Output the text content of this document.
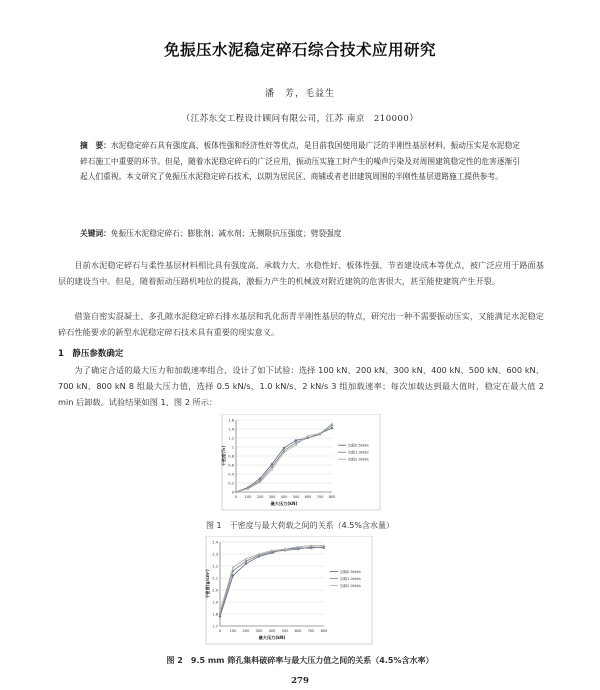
免振压水泥稳定碎石综合技术应用研究
潘　芳，毛益生
（江苏东交工程设计顾问有限公司，江苏 南京　210000）
摘　要：水泥稳定碎石具有强度高、板体性强和经济性好等优点，是目前我国使用最广泛的半刚性基层材料，振动压实是水泥稳定碎石施工中重要的环节。但是，随着水泥稳定碎石的广泛应用，振动压实施工时产生的噪声污染及对周围建筑稳定性的危害逐渐引起人们重视。本文研究了免振压水泥稳定碎石技术，以期为居民区、商铺或者老旧建筑周围的半刚性基层道路施工提供参考。
关键词：免振压水泥稳定碎石；膨胀剂；减水剂；无侧限抗压强度；劈裂强度
目前水泥稳定碎石与柔性基层材料相比具有强度高、承载力大、水稳性好、板体性强、节省建设成本等优点，被广泛应用于路面基层的建设当中。但是，随着振动压路机吨位的提高，激振力产生的机械波对附近建筑的危害很大，甚至能使建筑产生开裂。
借鉴自密实混凝土、多孔隙水泥稳定碎石排水基层和乳化沥青半刚性基层的特点，研究出一种不需要振动压实，又能满足水泥稳定碎石性能要求的新型水泥稳定碎石技术具有重要的现实意义。
1　静压参数确定
为了确定合适的最大压力和加载速率组合，设计了如下试验：选择 100 kN、200 kN、300 kN、400 kN、500 kN、600 kN、700 kN、800 kN 8 组最大压力值，选择 0.5 kN/s、1.0 kN/s、2 kN/s 3 组加载速率；每次加载达到最大值时，稳定在最大值 2 min 后卸载。试验结果如图 1、图 2 所示：
0
0.2
0.4
0.6
0.8
1
1.2
1.4
1.6
0 100 200 300 400 500 600 700 800
最大压力(kN)
干密度(%)
加载0.5kN/s
加载1.0kN/s
加载2.0kN/s
图 1　干密度与最大荷载之间的关系（4.5%含水量）
1.7
1.8
1.9
2.0
2.1
2.2
2.3
2.4
0 100 200 300 400 500 600 700 800
最大压力(kN)
干密度(g/cm³)	加载0.5kN/s
加载1.0kN/s
加载2.0kN/s
图 2　9.5 mm 筛孔集料破碎率与最大压力值之间的关系（4.5%含水率）
279
